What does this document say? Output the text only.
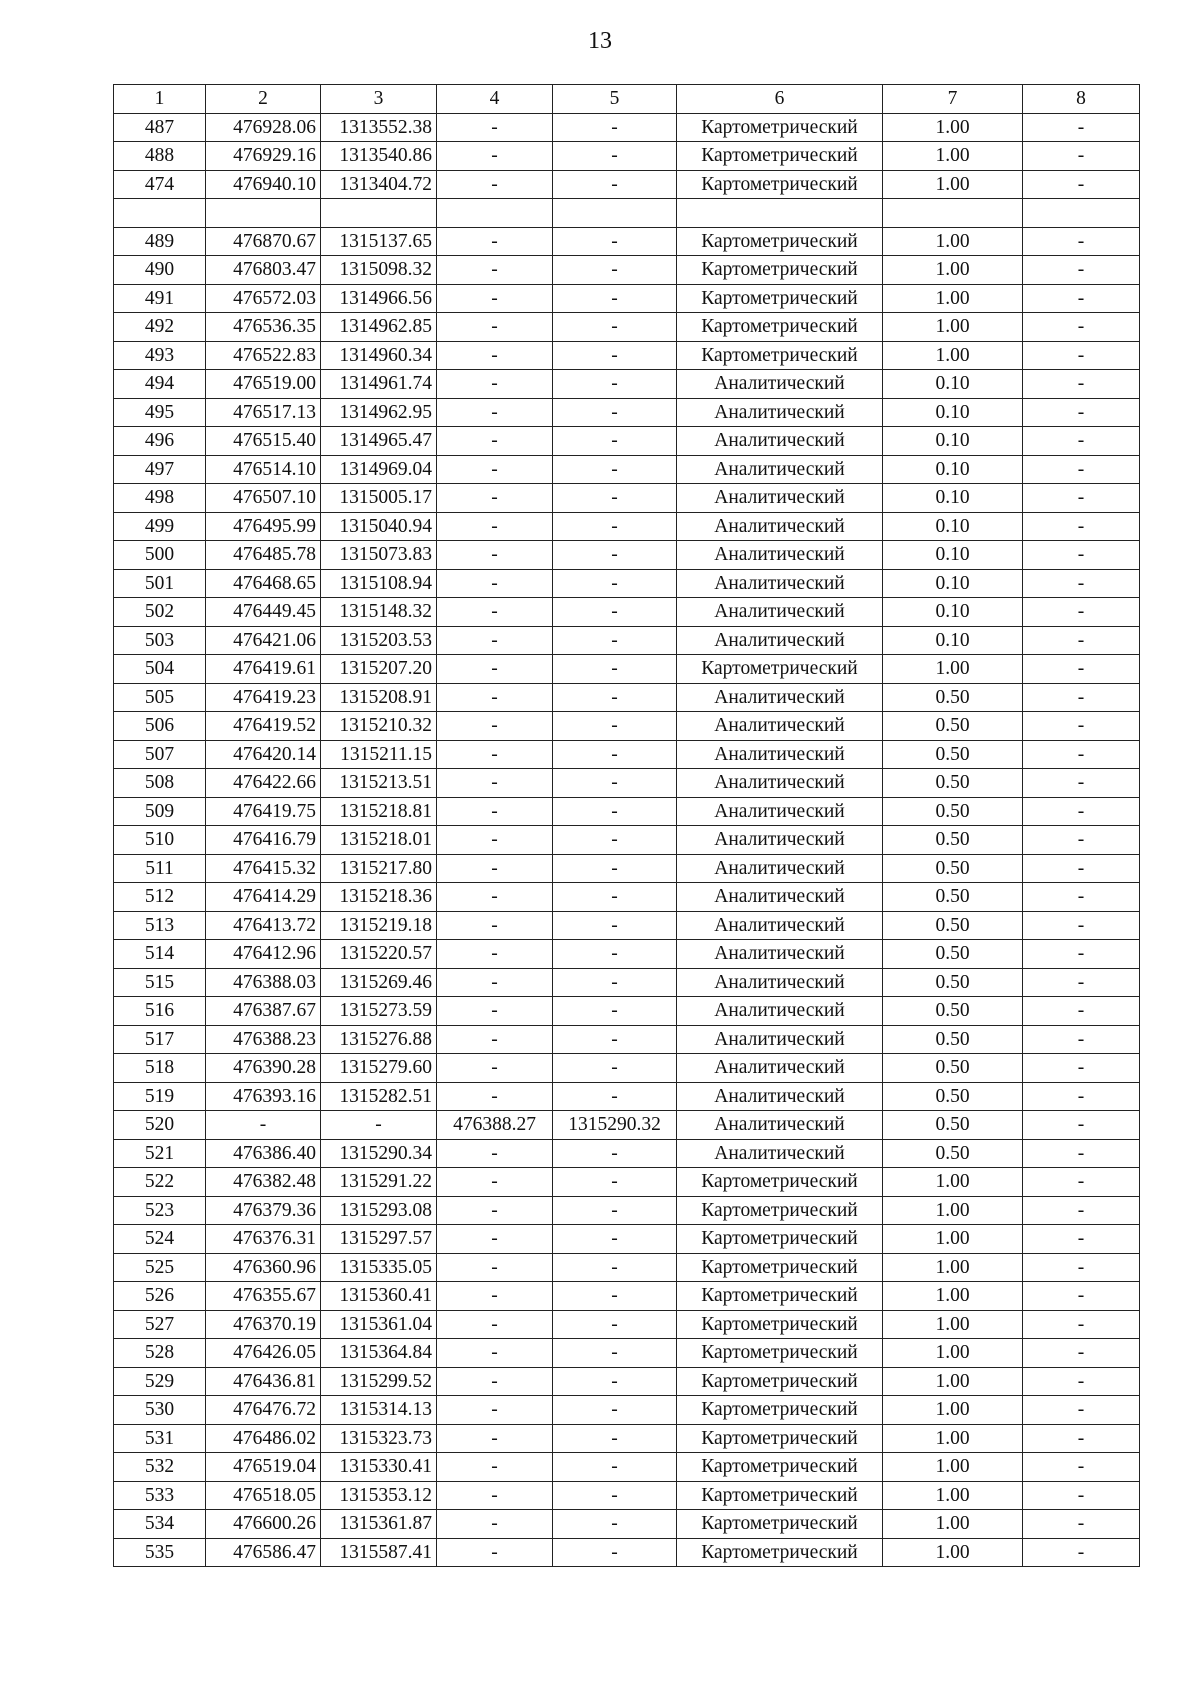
13
1	2	3	4	5	6	7	8
487	476928.06	1313552.38	-	-	Картометрический	1.00	-
488	476929.16	1313540.86	-	-	Картометрический	1.00	-
474	476940.10	1313404.72	-	-	Картометрический	1.00	-

489	476870.67	1315137.65	-	-	Картометрический	1.00	-
490	476803.47	1315098.32	-	-	Картометрический	1.00	-
491	476572.03	1314966.56	-	-	Картометрический	1.00	-
492	476536.35	1314962.85	-	-	Картометрический	1.00	-
493	476522.83	1314960.34	-	-	Картометрический	1.00	-
494	476519.00	1314961.74	-	-	Аналитический	0.10	-
495	476517.13	1314962.95	-	-	Аналитический	0.10	-
496	476515.40	1314965.47	-	-	Аналитический	0.10	-
497	476514.10	1314969.04	-	-	Аналитический	0.10	-
498	476507.10	1315005.17	-	-	Аналитический	0.10	-
499	476495.99	1315040.94	-	-	Аналитический	0.10	-
500	476485.78	1315073.83	-	-	Аналитический	0.10	-
501	476468.65	1315108.94	-	-	Аналитический	0.10	-
502	476449.45	1315148.32	-	-	Аналитический	0.10	-
503	476421.06	1315203.53	-	-	Аналитический	0.10	-
504	476419.61	1315207.20	-	-	Картометрический	1.00	-
505	476419.23	1315208.91	-	-	Аналитический	0.50	-
506	476419.52	1315210.32	-	-	Аналитический	0.50	-
507	476420.14	1315211.15	-	-	Аналитический	0.50	-
508	476422.66	1315213.51	-	-	Аналитический	0.50	-
509	476419.75	1315218.81	-	-	Аналитический	0.50	-
510	476416.79	1315218.01	-	-	Аналитический	0.50	-
511	476415.32	1315217.80	-	-	Аналитический	0.50	-
512	476414.29	1315218.36	-	-	Аналитический	0.50	-
513	476413.72	1315219.18	-	-	Аналитический	0.50	-
514	476412.96	1315220.57	-	-	Аналитический	0.50	-
515	476388.03	1315269.46	-	-	Аналитический	0.50	-
516	476387.67	1315273.59	-	-	Аналитический	0.50	-
517	476388.23	1315276.88	-	-	Аналитический	0.50	-
518	476390.28	1315279.60	-	-	Аналитический	0.50	-
519	476393.16	1315282.51	-	-	Аналитический	0.50	-
520	-	-	476388.27	1315290.32	Аналитический	0.50	-
521	476386.40	1315290.34	-	-	Аналитический	0.50	-
522	476382.48	1315291.22	-	-	Картометрический	1.00	-
523	476379.36	1315293.08	-	-	Картометрический	1.00	-
524	476376.31	1315297.57	-	-	Картометрический	1.00	-
525	476360.96	1315335.05	-	-	Картометрический	1.00	-
526	476355.67	1315360.41	-	-	Картометрический	1.00	-
527	476370.19	1315361.04	-	-	Картометрический	1.00	-
528	476426.05	1315364.84	-	-	Картометрический	1.00	-
529	476436.81	1315299.52	-	-	Картометрический	1.00	-
530	476476.72	1315314.13	-	-	Картометрический	1.00	-
531	476486.02	1315323.73	-	-	Картометрический	1.00	-
532	476519.04	1315330.41	-	-	Картометрический	1.00	-
533	476518.05	1315353.12	-	-	Картометрический	1.00	-
534	476600.26	1315361.87	-	-	Картометрический	1.00	-
535	476586.47	1315587.41	-	-	Картометрический	1.00	-
